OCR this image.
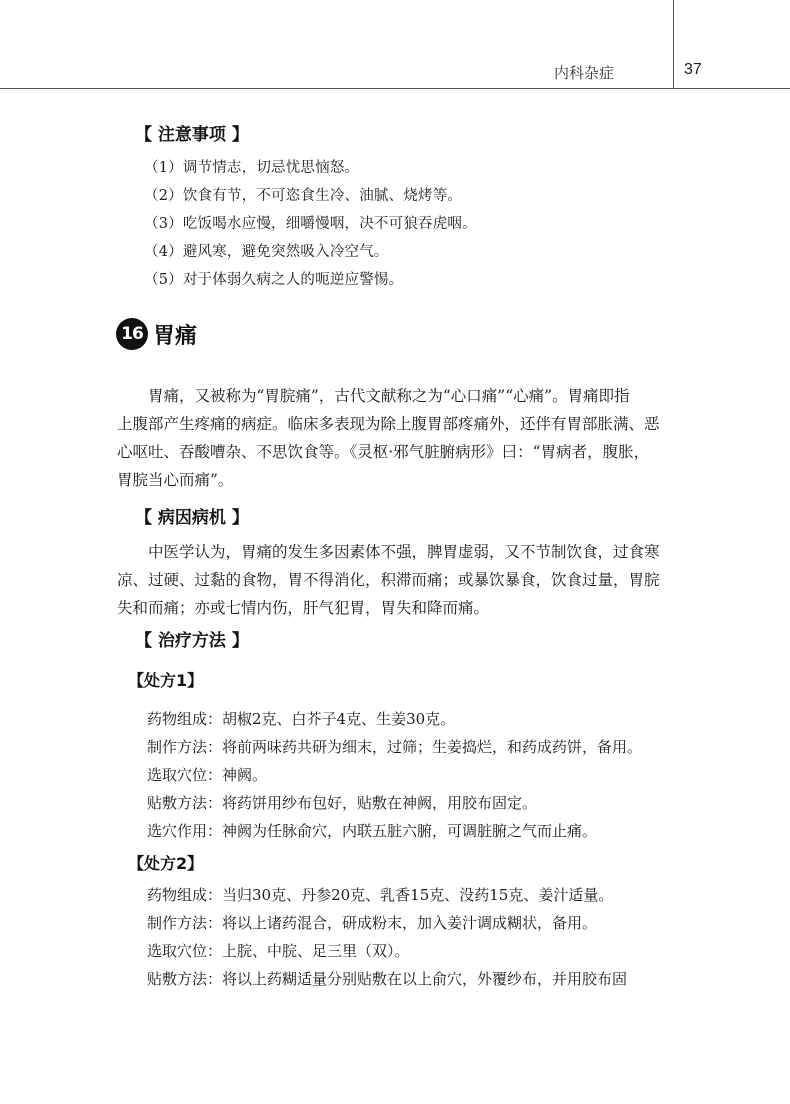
内科杂症	37
【 注意事项 】
（1）调节情志，切忌忧思恼怒。
（2）饮食有节，不可恣食生冷、油腻、烧烤等。
（3）吃饭喝水应慢，细嚼慢咽，决不可狼吞虎咽。
（4）避风寒，避免突然吸入冷空气。
（5）对于体弱久病之人的呃逆应警惕。
16 胃痛
胃痛，又被称为“胃脘痛”，古代文献称之为“心口痛”“心痛”。胃痛即指
上腹部产生疼痛的病症。临床多表现为除上腹胃部疼痛外，还伴有胃部胀满、恶
心呕吐、吞酸嘈杂、不思饮食等。《灵枢·邪气脏腑病形》曰：“胃病者，腹胀，
胃脘当心而痛”。
【 病因病机 】
中医学认为，胃痛的发生多因素体不强，脾胃虚弱，又不节制饮食，过食寒
凉、过硬、过黏的食物，胃不得消化，积滞而痛；或暴饮暴食，饮食过量，胃脘
失和而痛；亦或七情内伤，肝气犯胃，胃失和降而痛。
【 治疗方法 】
【处方1】
药物组成：胡椒2克、白芥子4克、生姜30克。
制作方法：将前两味药共研为细末，过筛；生姜捣烂，和药成药饼，备用。
选取穴位：神阙。
贴敷方法：将药饼用纱布包好，贴敷在神阙，用胶布固定。
选穴作用：神阙为任脉俞穴，内联五脏六腑，可调脏腑之气而止痛。
【处方2】
药物组成：当归30克、丹参20克、乳香15克、没药15克、姜汁适量。
制作方法：将以上诸药混合，研成粉末，加入姜汁调成糊状，备用。
选取穴位：上脘、中脘、足三里（双）。
贴敷方法：将以上药糊适量分别贴敷在以上俞穴，外覆纱布，并用胶布固
